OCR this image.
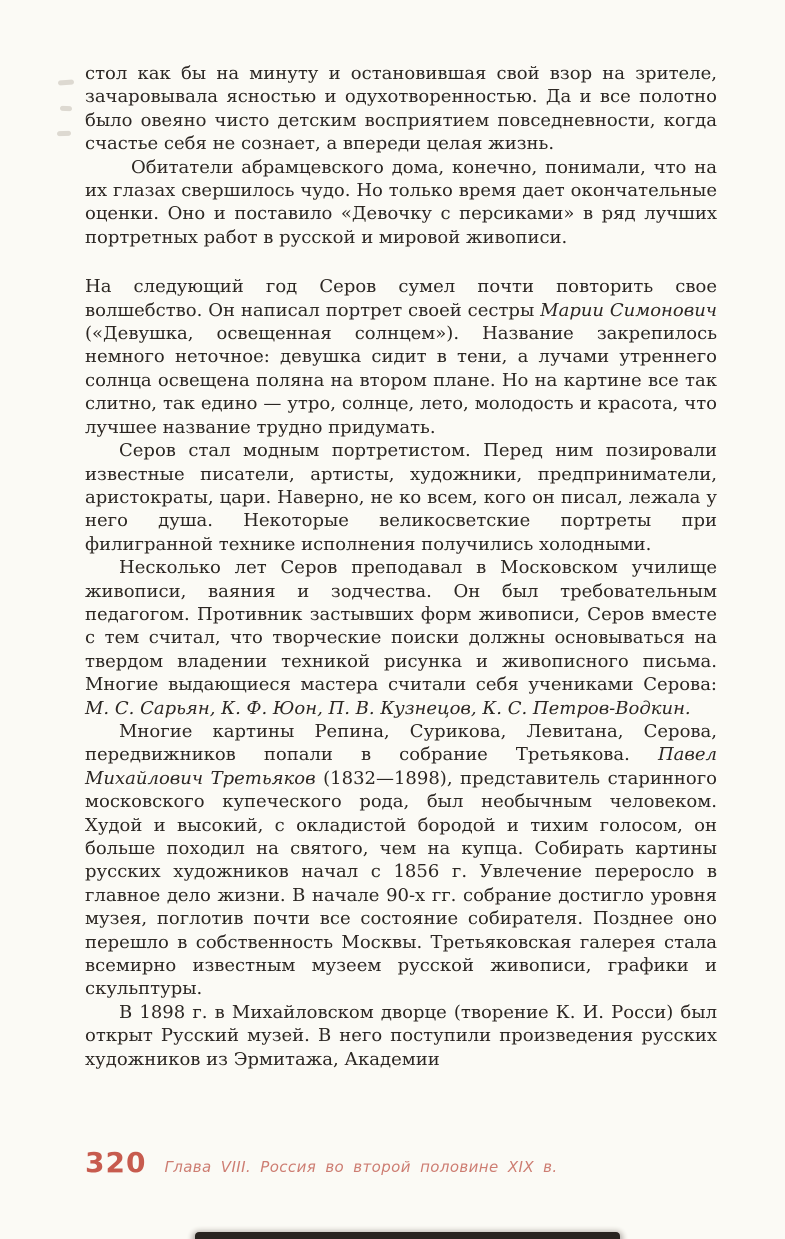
стол как бы на минуту и остановившая свой взор на зрителе, зачаровывала ясностью и одухотворенностью. Да и все полотно было овеяно чисто детским восприятием повседневности, когда счастье себя не сознает, а впереди целая жизнь.

Обитатели абрамцевского дома, конечно, понимали, что на их глазах свершилось чудо. Но только время дает окончательные оценки. Оно и поставило «Девочку с персиками» в ряд лучших портретных работ в русской и мировой живописи.

На следующий год Серов сумел почти повторить свое волшебство. Он написал портрет своей сестры Марии Симонович («Девушка, освещенная солнцем»). Название закрепилось немного неточное: девушка сидит в тени, а лучами утреннего солнца освещена поляна на втором плане. Но на картине все так слитно, так едино — утро, солнце, лето, молодость и красота, что лучшее название трудно придумать.

Серов стал модным портретистом. Перед ним позировали известные писатели, артисты, художники, предприниматели, аристократы, цари. Наверно, не ко всем, кого он писал, лежала у него душа. Некоторые великосветские портреты при филигранной технике исполнения получились холодными.

Несколько лет Серов преподавал в Московском училище живописи, ваяния и зодчества. Он был требовательным педагогом. Противник застывших форм живописи, Серов вместе с тем считал, что творческие поиски должны основываться на твердом владении техникой рисунка и живописного письма. Многие выдающиеся мастера считали себя учениками Серова: М. С. Сарьян, К. Ф. Юон, П. В. Кузнецов, К. С. Петров-Водкин.

Многие картины Репина, Сурикова, Левитана, Серова, передвижников попали в собрание Третьякова. Павел Михайлович Третьяков (1832—1898), представитель старинного московского купеческого рода, был необычным человеком. Худой и высокий, с окладистой бородой и тихим голосом, он больше походил на святого, чем на купца. Собирать картины русских художников начал с 1856 г. Увлечение переросло в главное дело жизни. В начале 90-х гг. собрание достигло уровня музея, поглотив почти все состояние собирателя. Позднее оно перешло в собственность Москвы. Третьяковская галерея стала всемирно известным музеем русской живописи, графики и скульптуры.

В 1898 г. в Михайловском дворце (творение К. И. Росси) был открыт Русский музей. В него поступили произведения русских художников из Эрмитажа, Академии

320 Глава VIII. Россия во второй половине XIX в.
